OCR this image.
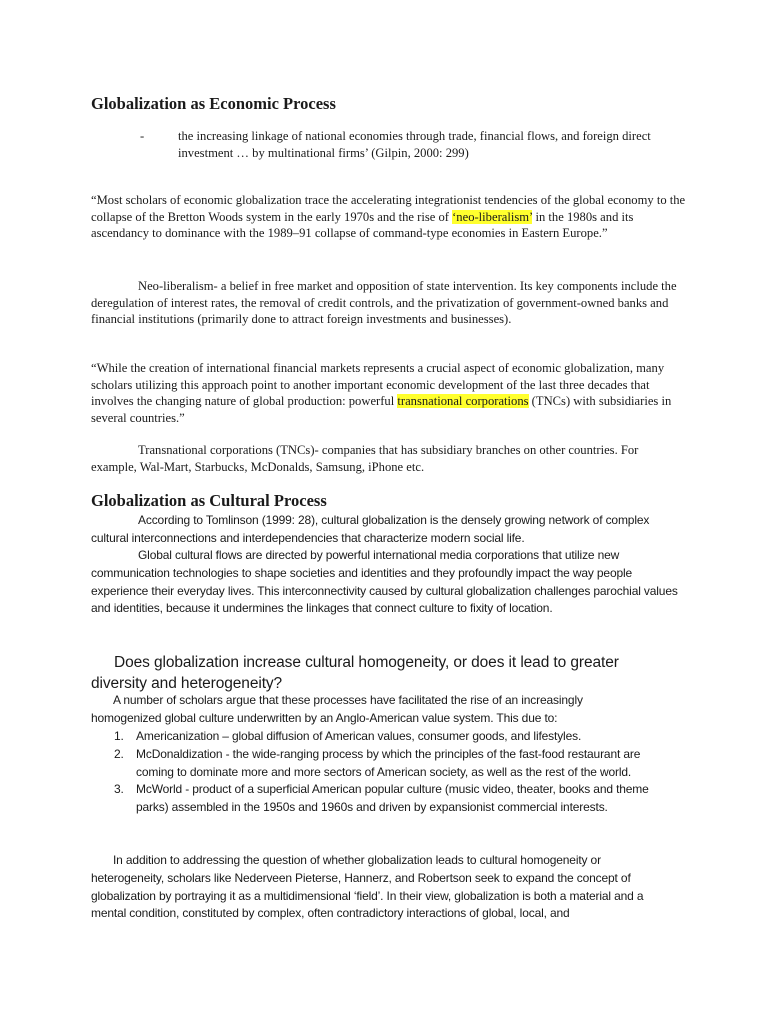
Globalization as Economic Process
-	the increasing linkage of national economies through trade, financial flows, and foreign direct investment … by multinational firms’ (Gilpin, 2000: 299)

“Most scholars of economic globalization trace the accelerating integrationist tendencies of the global economy to the collapse of the Bretton Woods system in the early 1970s and the rise of ‘neo-liberalism’ in the 1980s and its ascendancy to dominance with the 1989–91 collapse of command-type economies in Eastern Europe.”

Neo-liberalism- a belief in free market and opposition of state intervention. Its key components include the deregulation of interest rates, the removal of credit controls, and the privatization of government-owned banks and financial institutions (primarily done to attract foreign investments and businesses).

“While the creation of international financial markets represents a crucial aspect of economic globalization, many scholars utilizing this approach point to another important economic development of the last three decades that involves the changing nature of global production: powerful transnational corporations (TNCs) with subsidiaries in several countries.”

Transnational corporations (TNCs)- companies that has subsidiary branches on other countries. For example, Wal-Mart, Starbucks, McDonalds, Samsung, iPhone etc.

Globalization as Cultural Process

According to Tomlinson (1999: 28), cultural globalization is the densely growing network of complex cultural interconnections and interdependencies that characterize modern social life.

Global cultural flows are directed by powerful international media corporations that utilize new communication technologies to shape societies and identities and they profoundly impact the way people experience their everyday lives. This interconnectivity caused by cultural globalization challenges parochial values and identities, because it undermines the linkages that connect culture to fixity of location.

Does globalization increase cultural homogeneity, or does it lead to greater diversity and heterogeneity?

A number of scholars argue that these processes have facilitated the rise of an increasingly homogenized global culture underwritten by an Anglo-American value system. This due to:

1.	Americanization – global diffusion of American values, consumer goods, and lifestyles.
2.	McDonaldization - the wide-ranging process by which the principles of the fast-food restaurant are coming to dominate more and more sectors of American society, as well as the rest of the world.
3.	McWorld - product of a superficial American popular culture (music video, theater, books and theme parks) assembled in the 1950s and 1960s and driven by expansionist commercial interests.

In addition to addressing the question of whether globalization leads to cultural homogeneity or heterogeneity, scholars like Nederveen Pieterse, Hannerz, and Robertson seek to expand the concept of globalization by portraying it as a multidimensional ‘field’. In their view, globalization is both a material and a mental condition, constituted by complex, often contradictory interactions of global, local, and
